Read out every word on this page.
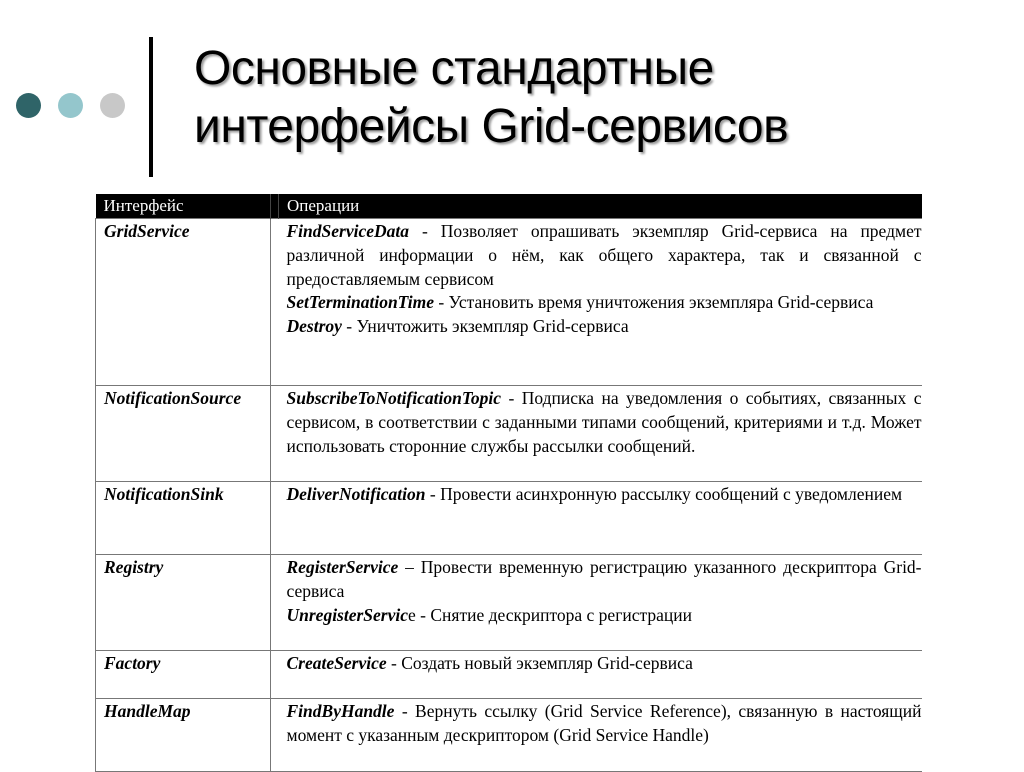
Основные стандартные
интерфейсы Grid-сервисов
Интерфейс		Операции
GridService		FindServiceData - Позволяет опрашивать экземпляр Grid-сервиса на предмет различной информации о нём, как общего характера, так и связанной с предоставляемым сервисом
SetTerminationTime - Установить время уничтожения экземпляра Grid-сервиса
Destroy - Уничтожить экземпляр Grid-сервиса

NotificationSource		SubscribeToNotificationTopic - Подписка на уведомления о событиях, связанных с сервисом, в соответствии с заданными типами сообщений, критериями и т.д. Может использовать сторонние службы рассылки сообщений.

NotificationSink		DeliverNotification - Провести асинхронную рассылку сообщений с уведомлением

Registry		RegisterService – Провести временную регистрацию указанного дескриптора Grid-сервиса
UnregisterServicе - Снятие дескриптора с регистрации

Factory		CreateService - Создать новый экземпляр Grid-сервиса

HandleMap		FindByHandle - Вернуть ссылку (Grid Service Reference), связанную в настоящий момент с указанным дескриптором (Grid Service Handle)
